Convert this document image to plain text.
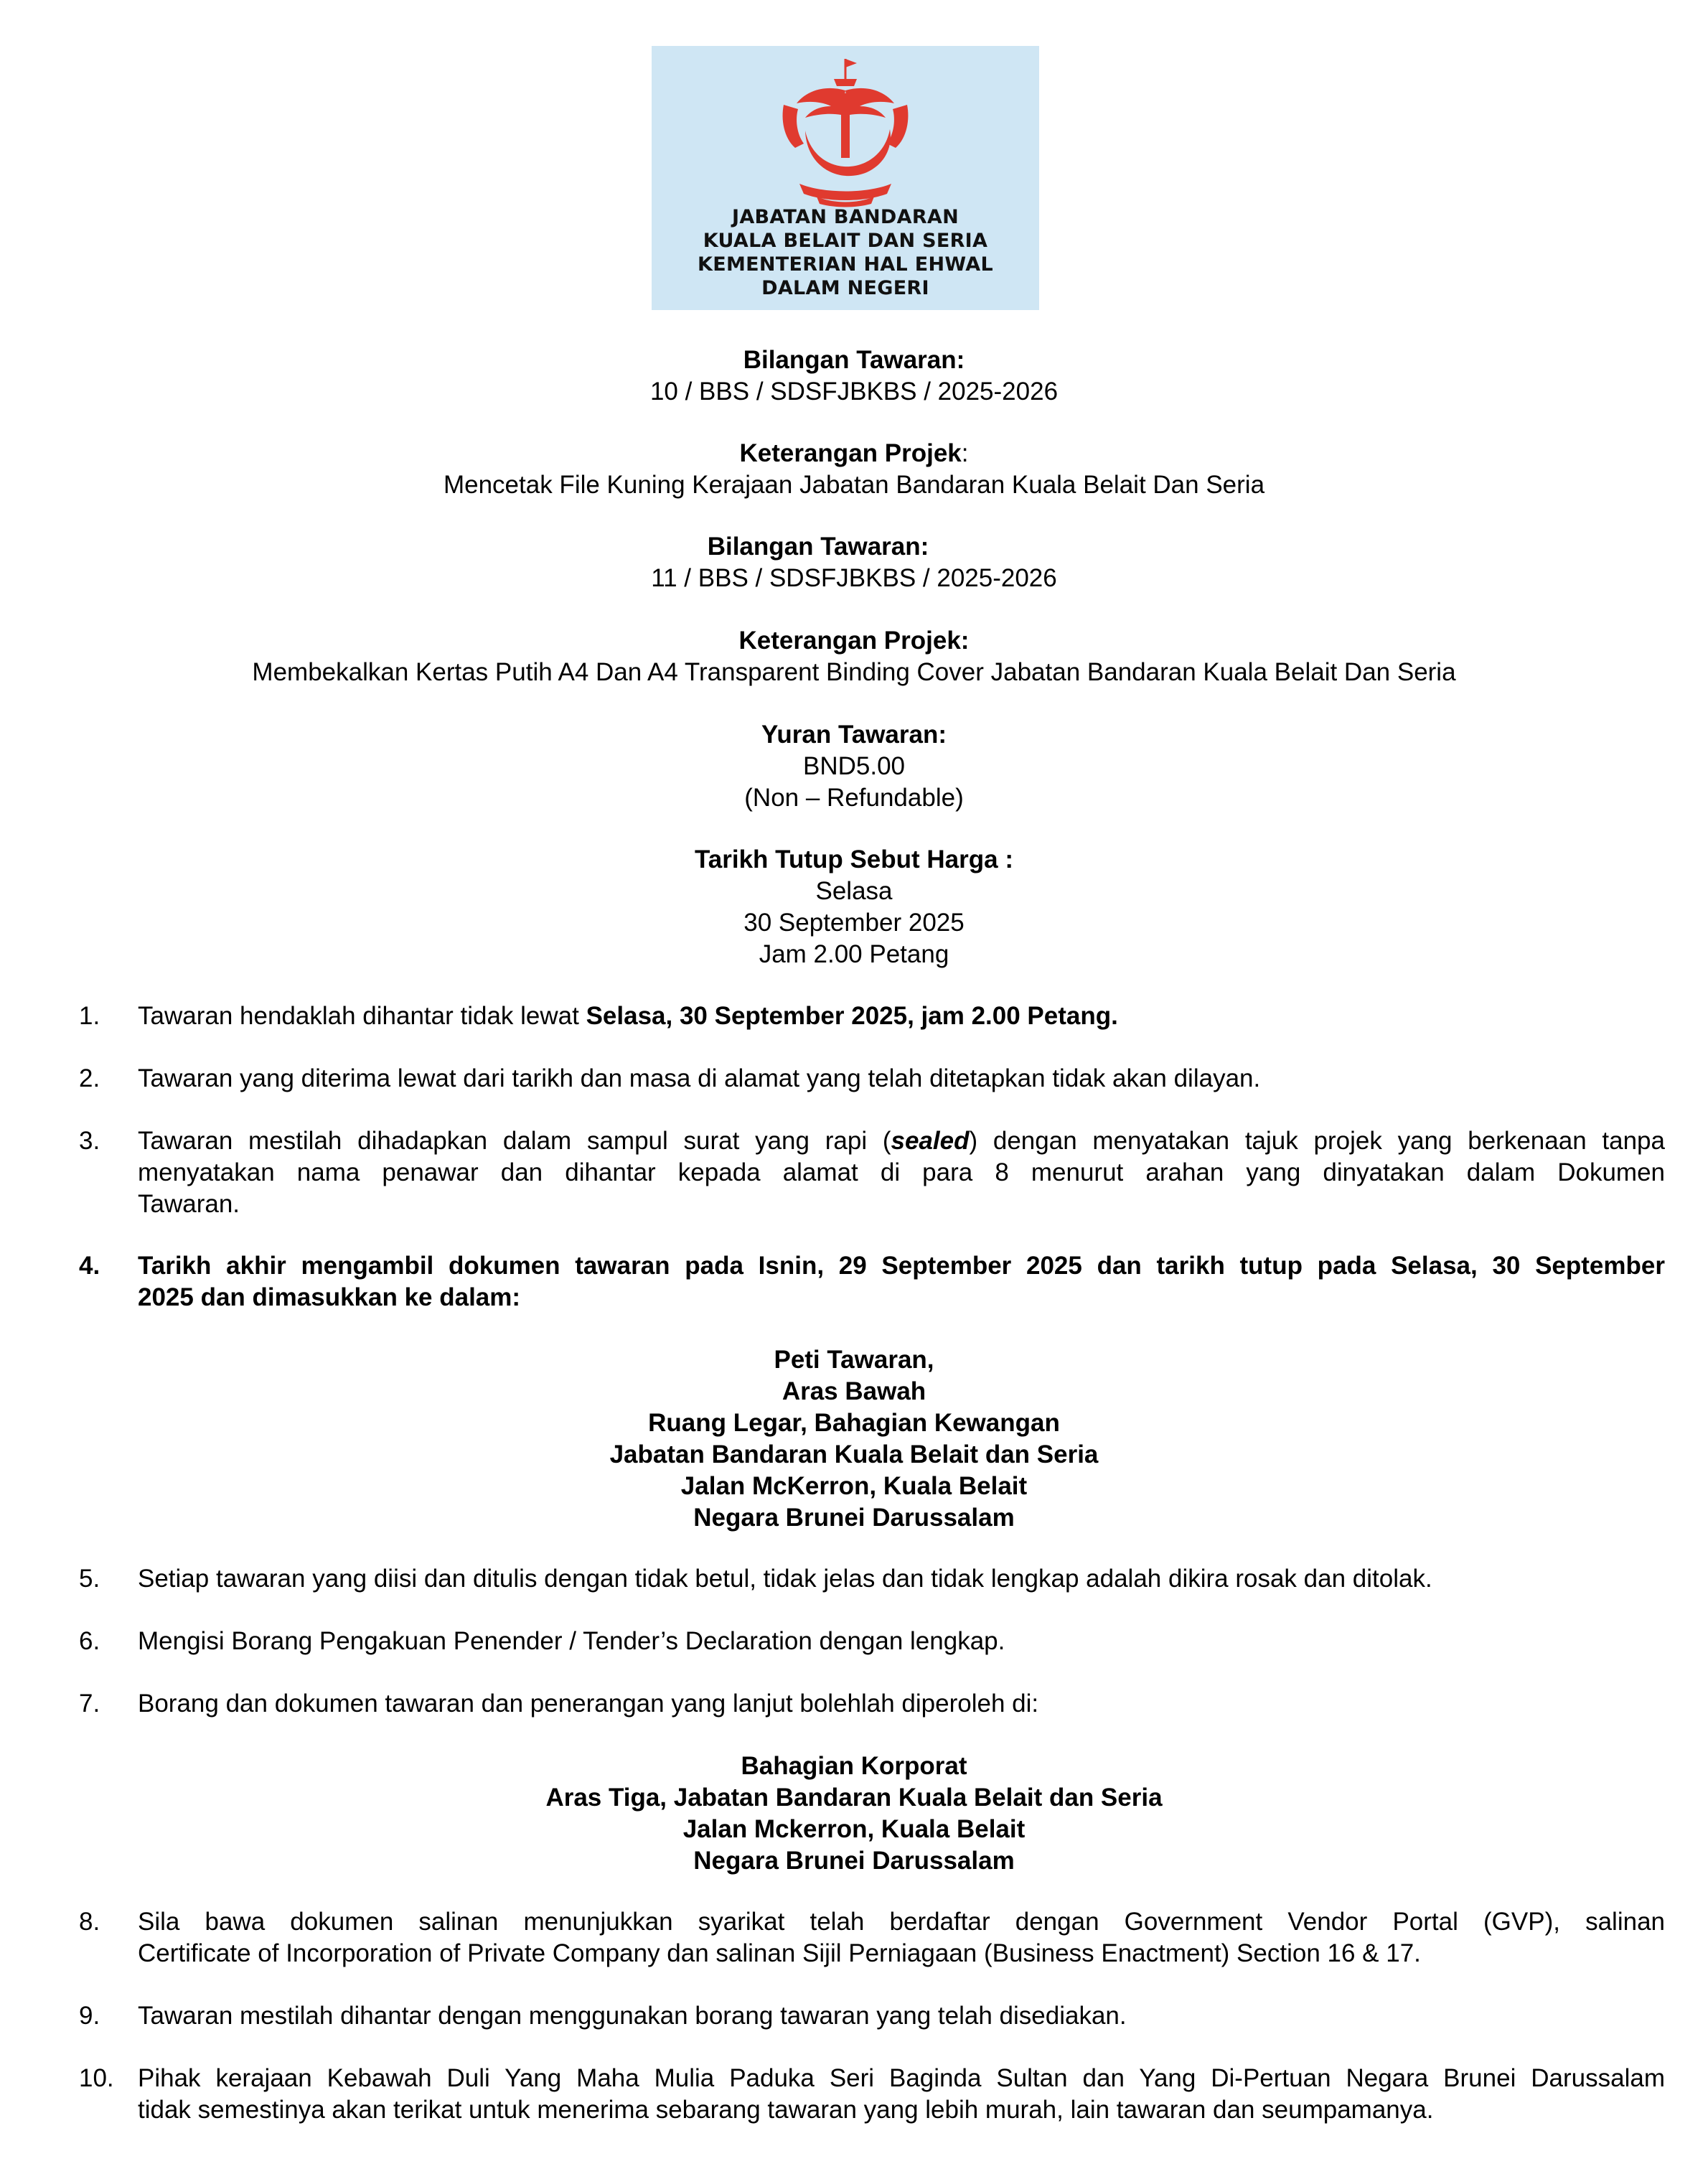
JABATAN BANDARAN
KUALA BELAIT DAN SERIA
KEMENTERIAN HAL EHWAL
DALAM NEGERI
Bilangan Tawaran:
10 / BBS / SDSFJBKBS / 2025-2026
Keterangan Projek:
Mencetak File Kuning Kerajaan Jabatan Bandaran Kuala Belait Dan Seria
Bilangan Tawaran:
11 / BBS / SDSFJBKBS / 2025-2026
Keterangan Projek:
Membekalkan Kertas Putih A4 Dan A4 Transparent Binding Cover Jabatan Bandaran Kuala Belait Dan Seria
Yuran Tawaran:
BND5.00
(Non – Refundable)
Tarikh Tutup Sebut Harga :
Selasa
30 September 2025
Jam 2.00 Petang
1.	Tawaran hendaklah dihantar tidak lewat Selasa, 30 September 2025, jam 2.00 Petang.
2.	Tawaran yang diterima lewat dari tarikh dan masa di alamat yang telah ditetapkan tidak akan dilayan.
3.	Tawaran mestilah dihadapkan dalam sampul surat yang rapi (sealed) dengan menyatakan tajuk projek yang berkenaan tanpa
menyatakan nama penawar dan dihantar kepada alamat di para 8 menurut arahan yang dinyatakan dalam Dokumen
Tawaran.
4.	Tarikh akhir mengambil dokumen tawaran pada Isnin, 29 September 2025 dan tarikh tutup pada Selasa, 30 September
2025 dan dimasukkan ke dalam:
Peti Tawaran,
Aras Bawah
Ruang Legar, Bahagian Kewangan
Jabatan Bandaran Kuala Belait dan Seria
Jalan McKerron, Kuala Belait
Negara Brunei Darussalam
5.	Setiap tawaran yang diisi dan ditulis dengan tidak betul, tidak jelas dan tidak lengkap adalah dikira rosak dan ditolak.
6.	Mengisi Borang Pengakuan Penender / Tender’s Declaration dengan lengkap.
7.	Borang dan dokumen tawaran dan penerangan yang lanjut bolehlah diperoleh di:
Bahagian Korporat
Aras Tiga, Jabatan Bandaran Kuala Belait dan Seria
Jalan Mckerron, Kuala Belait
Negara Brunei Darussalam
8.	Sila bawa dokumen salinan menunjukkan syarikat telah berdaftar dengan Government Vendor Portal (GVP), salinan
Certificate of Incorporation of Private Company dan salinan Sijil Perniagaan (Business Enactment) Section 16 & 17.
9.	Tawaran mestilah dihantar dengan menggunakan borang tawaran yang telah disediakan.
10. Pihak kerajaan Kebawah Duli Yang Maha Mulia Paduka Seri Baginda Sultan dan Yang Di-Pertuan Negara Brunei Darussalam
tidak semestinya akan terikat untuk menerima sebarang tawaran yang lebih murah, lain tawaran dan seumpamanya.
